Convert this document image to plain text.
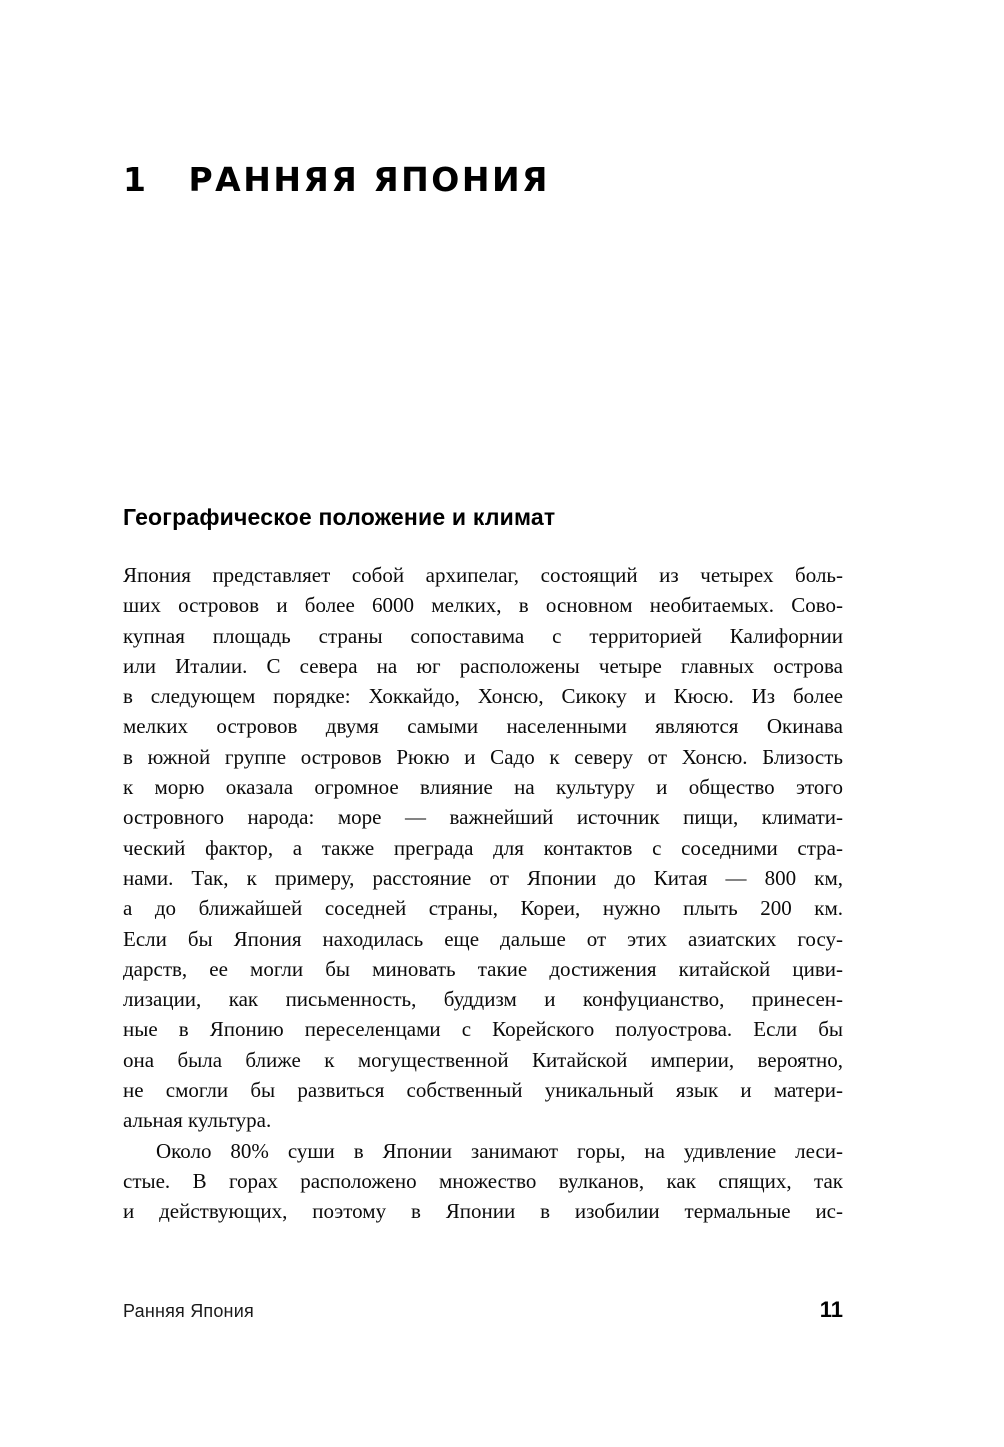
1 РАННЯЯ ЯПОНИЯ
Географическое положение и климат
Япония представляет собой архипелаг, состоящий из четырех боль-
ших островов и более 6000 мелких, в основном необитаемых. Сово-
купная площадь страны сопоставима с территорией Калифорнии
или Италии. С севера на юг расположены четыре главных острова
в следующем порядке: Хоккайдо, Хонсю, Сикоку и Кюсю. Из более
мелких островов двумя самыми населенными являются Окинава
в южной группе островов Рюкю и Садо к северу от Хонсю. Близость
к морю оказала огромное влияние на культуру и общество этого
островного народа: море — важнейший источник пищи, климати-
ческий фактор, а также преграда для контактов с соседними стра-
нами. Так, к примеру, расстояние от Японии до Китая — 800 км,
а до ближайшей соседней страны, Кореи, нужно плыть 200 км.
Если бы Япония находилась еще дальше от этих азиатских госу-
дарств, ее могли бы миновать такие достижения китайской циви-
лизации, как письменность, буддизм и конфуцианство, принесен-
ные в Японию переселенцами с Корейского полуострова. Если бы
она была ближе к могущественной Китайской империи, вероятно,
не смогли бы развиться собственный уникальный язык и матери-
альная культура.
Около 80% суши в Японии занимают горы, на удивление леси-
стые. В горах расположено множество вулканов, как спящих, так
и действующих, поэтому в Японии в изобилии термальные ис-
Ранняя Япония	11
